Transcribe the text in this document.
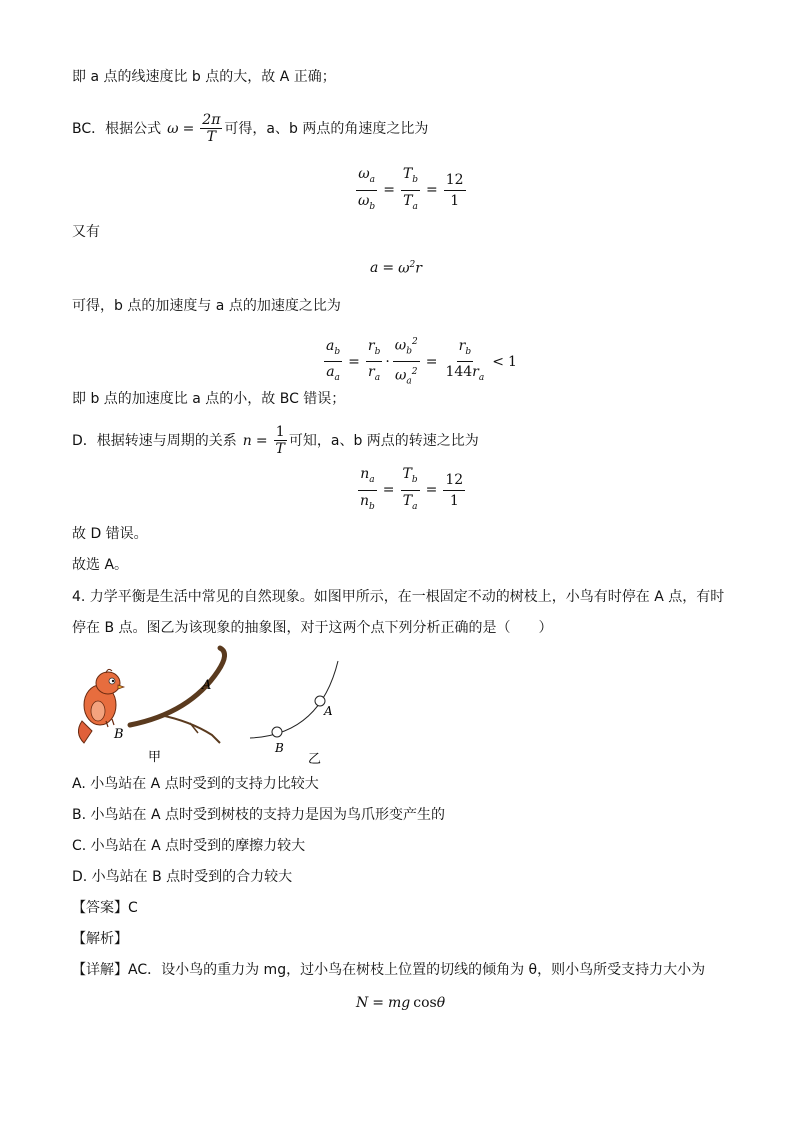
即 a 点的线速度比 b 点的大，故 A 正确；
BC．根据公式 $\omega = \frac{2\pi}{T}$ 可得，a、b 两点的角速度之比为
$\frac{\omega_a}{\omega_b} = \frac{T_b}{T_a} = \frac{12}{1}$
又有
$a = \omega^2r$
可得，b 点的加速度与 a 点的加速度之比为
$\frac{a_b}{a_a} = \frac{r_b}{r_a} \cdot \frac{\omega_b^2}{\omega_a^2} = \frac{r_b}{144r_a} < 1$
即 b 点的加速度比 a 点的小，故 BC 错误；
D．根据转速与周期的关系 $n = \frac{1}{T}$ 可知，a、b 两点的转速之比为
$\frac{n_a}{n_b} = \frac{T_b}{T_a} = \frac{12}{1}$
故 D 错误。
故选 A。
4. 力学平衡是生活中常见的自然现象。如图甲所示，在一根固定不动的树枝上，小鸟有时停在 A 点，有时
停在 B 点。图乙为该现象的抽象图，对于这两个点下列分析正确的是（　　）
A
B
甲
A
B
乙
A. 小鸟站在 A 点时受到的支持力比较大
B. 小鸟站在 A 点时受到树枝的支持力是因为鸟爪形变产生的
C. 小鸟站在 A 点时受到的摩擦力较大
D. 小鸟站在 B 点时受到的合力较大
【答案】C
【解析】
【详解】AC．设小鸟的重力为 mg，过小鸟在树枝上位置的切线的倾角为 θ，则小鸟所受支持力大小为
N = mg cos θ
